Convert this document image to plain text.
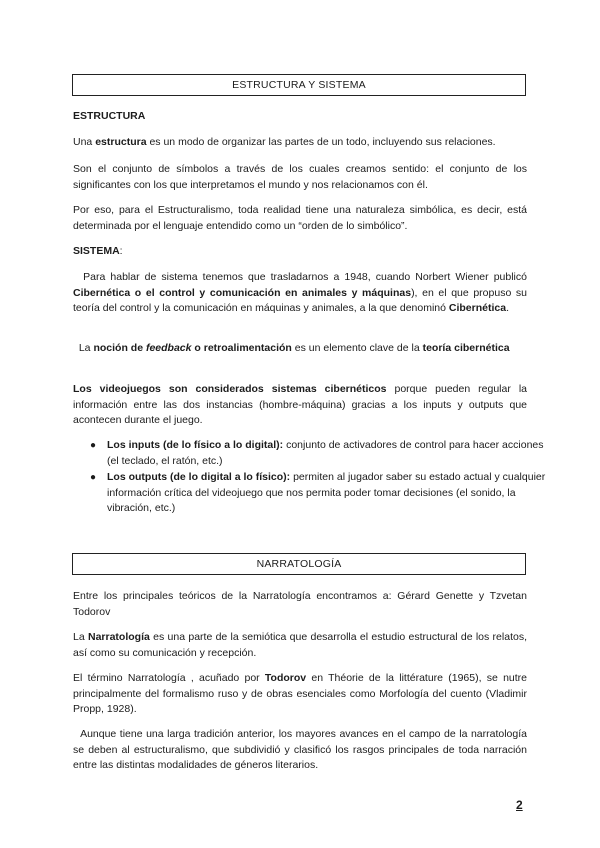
ESTRUCTURA Y SISTEMA

ESTRUCTURA

Una estructura es un modo de organizar las partes de un todo, incluyendo sus relaciones.

Son el conjunto de símbolos a través de los cuales creamos sentido: el conjunto de los significantes con los que interpretamos el mundo y nos relacionamos con él.

Por eso, para el Estructuralismo, toda realidad tiene una naturaleza simbólica, es decir, está determinada por el lenguaje entendido como un “orden de lo simbólico”.

SISTEMA:

Para hablar de sistema tenemos que trasladarnos a 1948, cuando Norbert Wiener publicó Cibernética o el control y comunicación en animales y máquinas), en el que propuso su teoría del control y la comunicación en máquinas y animales, a la que denominó Cibernética.

La noción de feedback o retroalimentación es un elemento clave de la teoría cibernética

Los videojuegos son considerados sistemas cibernéticos porque pueden regular la información entre las dos instancias (hombre-máquina) gracias a los inputs y outputs que acontecen durante el juego.

● Los inputs (de lo físico a lo digital): conjunto de activadores de control para hacer acciones (el teclado, el ratón, etc.)
● Los outputs (de lo digital a lo físico): permiten al jugador saber su estado actual y cualquier información crítica del videojuego que nos permita poder tomar decisiones (el sonido, la vibración, etc.)
NARRATOLOGÍA

Entre los principales teóricos de la Narratología encontramos a: Gérard Genette y Tzvetan Todorov

La Narratología es una parte de la semiótica que desarrolla el estudio estructural de los relatos, así como su comunicación y recepción.

El término Narratología , acuñado por Todorov en Théorie de la littérature (1965), se nutre principalmente del formalismo ruso y de obras esenciales como Morfología del cuento (Vladimir Propp, 1928).

Aunque tiene una larga tradición anterior, los mayores avances en el campo de la narratología se deben al estructuralismo, que subdividió y clasificó los rasgos principales de toda narración entre las distintas modalidades de géneros literarios.

2
